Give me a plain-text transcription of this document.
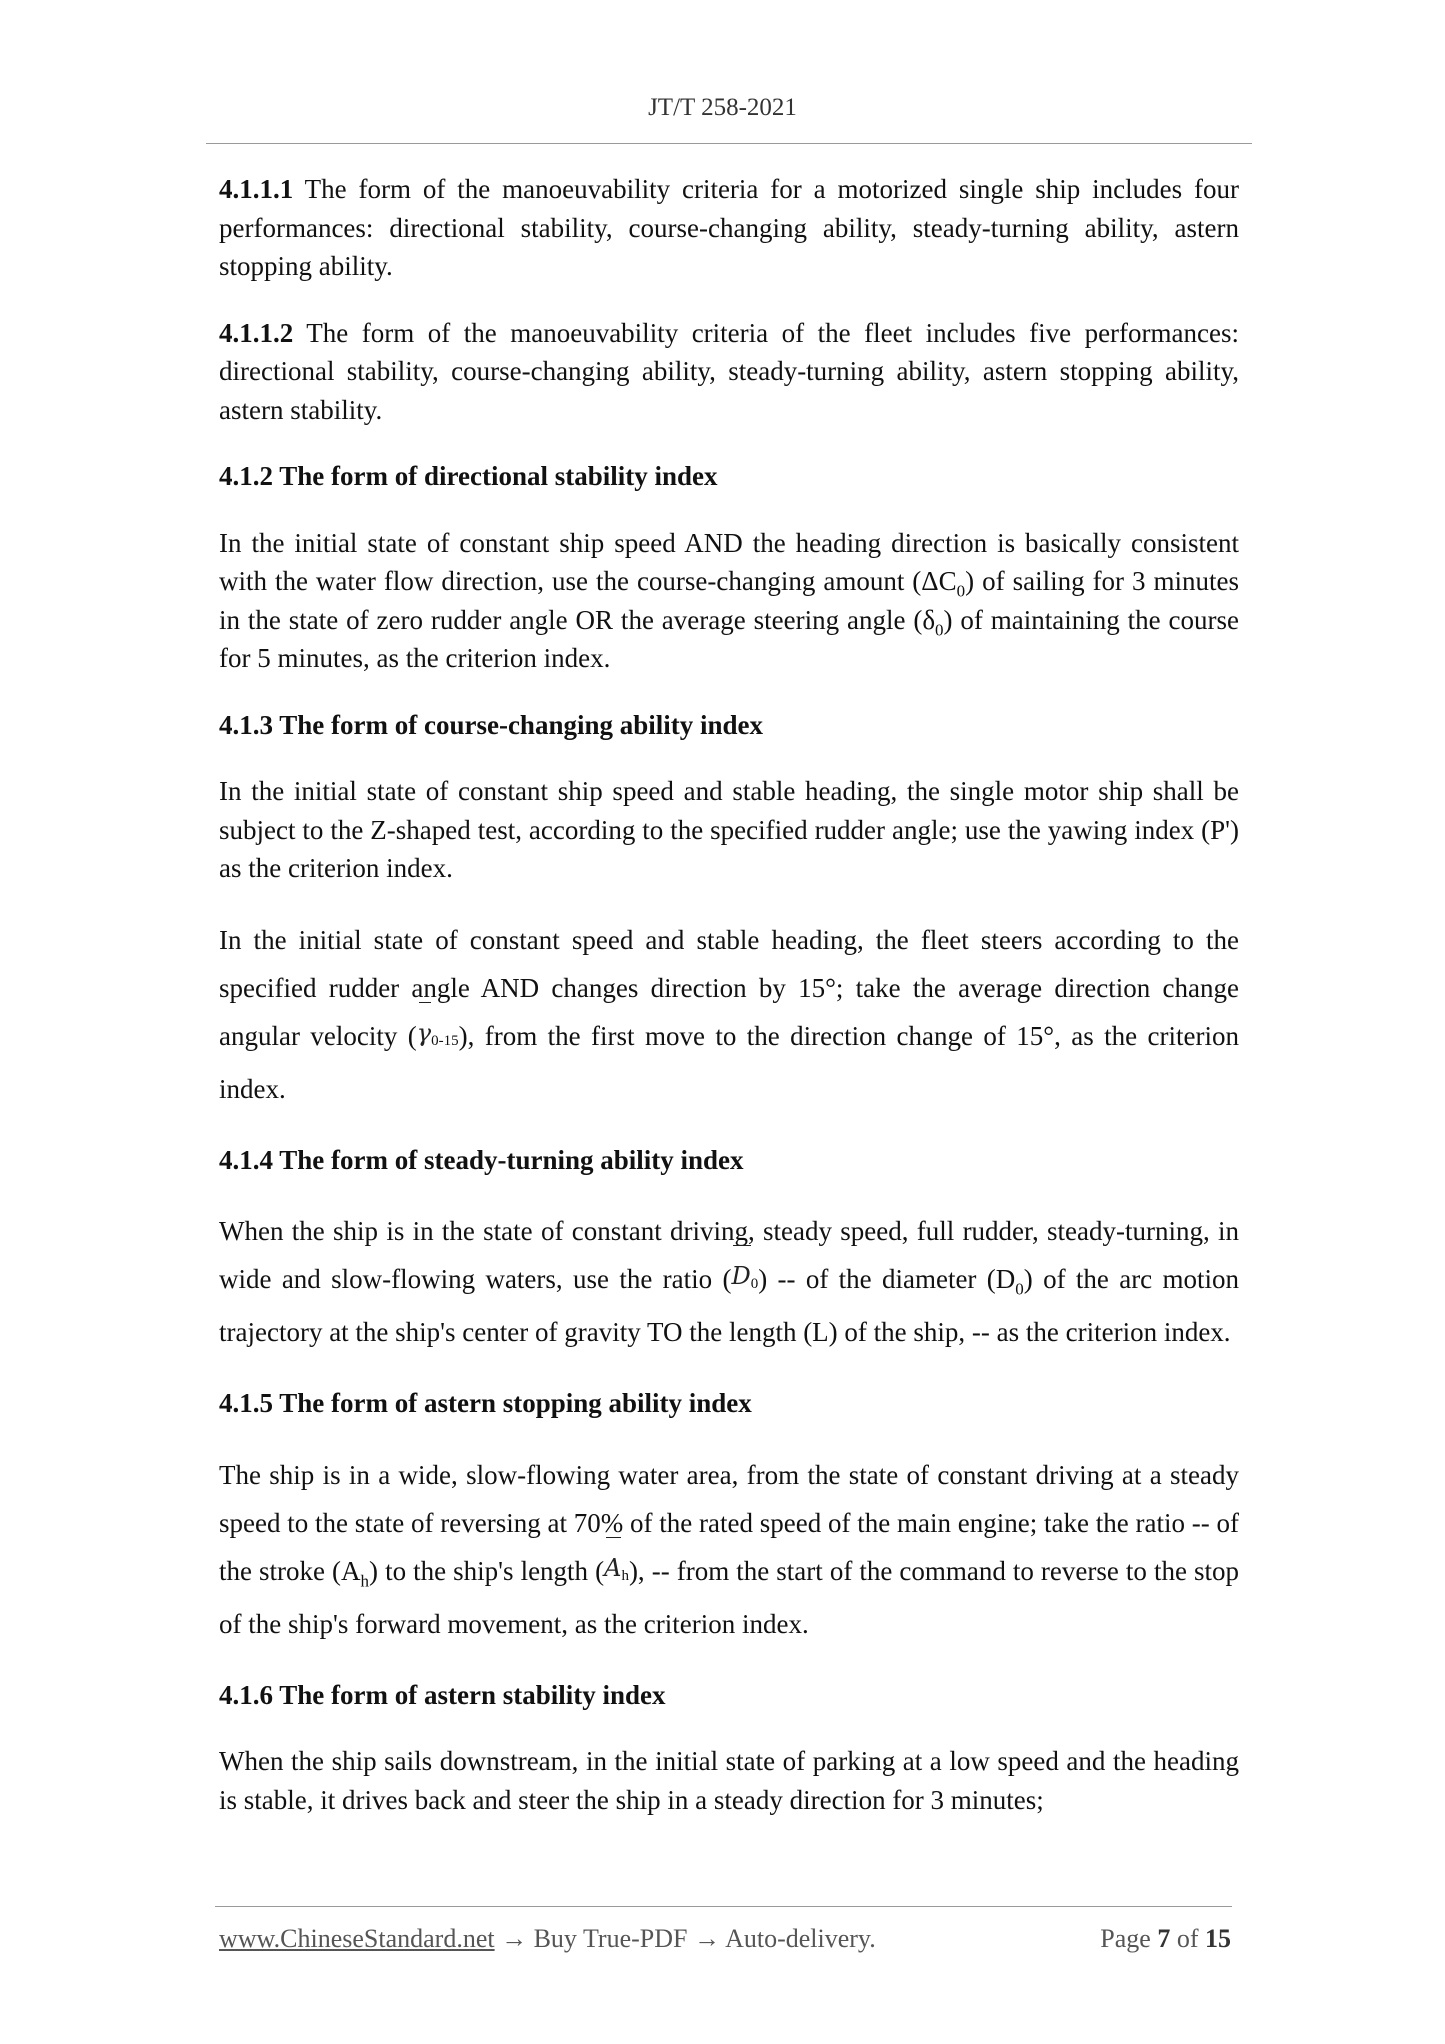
JT/T 258-2021

4.1.1.1 The form of the manoeuvability criteria for a motorized single ship includes four performances: directional stability, course-changing ability, steady-turning ability, astern stopping ability.

4.1.1.2 The form of the manoeuvability criteria of the fleet includes five performances: directional stability, course-changing ability, steady-turning ability, astern stopping ability, astern stability.

4.1.2 The form of directional stability index

In the initial state of constant ship speed AND the heading direction is basically consistent with the water flow direction, use the course-changing amount $(\Delta C_0)$ of sailing for 3 minutes in the state of zero rudder angle OR the average steering angle $(\delta_0)$ of maintaining the course for 5 minutes, as the criterion index.

4.1.3 The form of course-changing ability index

In the initial state of constant ship speed and stable heading, the single motor ship shall be subject to the Z-shaped test, according to the specified rudder angle; use the yawing index (P') as the criterion index.

In the initial state of constant speed and stable heading, the fleet steers according to the specified rudder angle AND changes direction by 15°; take the average direction change angular velocity (
γ0-15), from the first move to the direction change of 15°, as the criterion index.

4.1.4 The form of steady-turning ability index

When the ship is in the state of constant driving, steady speed, full rudder, steady-turning, in wide and slow-flowing waters, use the ratio (
D0) -- of the diameter $(D_0)$ of the arc motion trajectory at the ship's center of gravity TO the length (L) of the ship, -- as the criterion index.

4.1.5 The form of astern stopping ability index

The ship is in a wide, slow-flowing water area, from the state of constant driving at a steady speed to the state of reversing at 70% of the rated speed of the main engine; take the ratio -- of the stroke $(A_h)$ to the ship's length (
Ah), -- from the start of the command to reverse to the stop of the ship's forward movement, as the criterion index.

4.1.6 The form of astern stability index

When the ship sails downstream, in the initial state of parking at a low speed and the heading is stable, it drives back and steer the ship in a steady direction for 3 minutes;

www.ChineseStandard.net → Buy True-PDF → Auto-delivery.	Page 7 of 15
